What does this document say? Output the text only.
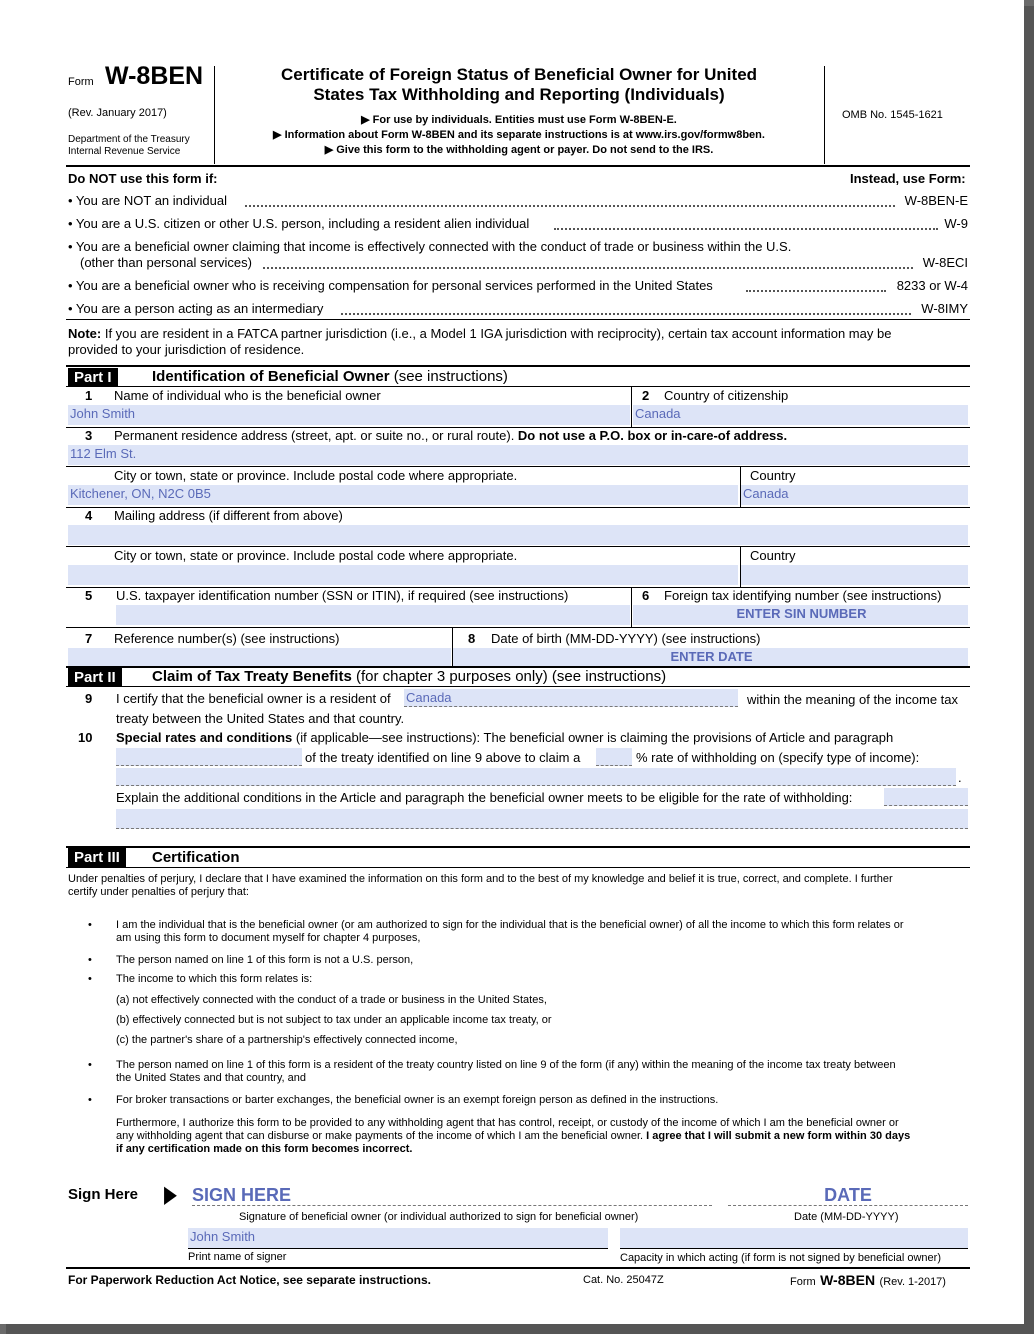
Form W-8BEN
(Rev. January 2017)
Department of the Treasury
Internal Revenue Service
Certificate of Foreign Status of Beneficial Owner for United
States Tax Withholding and Reporting (Individuals)
▶ For use by individuals. Entities must use Form W-8BEN-E.
▶ Information about Form W-8BEN and its separate instructions is at www.irs.gov/formw8ben.
▶ Give this form to the withholding agent or payer. Do not send to the IRS.
OMB No. 1545-1621
Do NOT use this form if:	Instead, use Form:
• You are NOT an individual	W-8BEN-E
• You are a U.S. citizen or other U.S. person, including a resident alien individual	W-9
• You are a beneficial owner claiming that income is effectively connected with the conduct of trade or business within the U.S.
(other than personal services)	W-8ECI
• You are a beneficial owner who is receiving compensation for personal services performed in the United States	8233 or W-4
• You are a person acting as an intermediary	W-8IMY
Note: If you are resident in a FATCA partner jurisdiction (i.e., a Model 1 IGA jurisdiction with reciprocity), certain tax account information may be
provided to your jurisdiction of residence.
Part I	Identification of Beneficial Owner (see instructions)
1 Name of individual who is the beneficial owner
John Smith
2 Country of citizenship
Canada
3 Permanent residence address (street, apt. or suite no., or rural route). Do not use a P.O. box or in-care-of address.
112 Elm St.
City or town, state or province. Include postal code where appropriate.
Kitchener, ON, N2C 0B5
Country
Canada
4 Mailing address (if different from above)
City or town, state or province. Include postal code where appropriate.	Country
5 U.S. taxpayer identification number (SSN or ITIN), if required (see instructions)	6 Foreign tax identifying number (see instructions)
ENTER SIN NUMBER
7 Reference number(s) (see instructions)	8 Date of birth (MM-DD-YYYY) (see instructions)
ENTER DATE
Part II	Claim of Tax Treaty Benefits (for chapter 3 purposes only) (see instructions)
9 I certify that the beneficial owner is a resident of Canada	within the meaning of the income tax
treaty between the United States and that country.
10 Special rates and conditions (if applicable—see instructions): The beneficial owner is claiming the provisions of Article and paragraph
of the treaty identified on line 9 above to claim a	% rate of withholding on (specify type of income):
.
Explain the additional conditions in the Article and paragraph the beneficial owner meets to be eligible for the rate of withholding:
Part III	Certification
Under penalties of perjury, I declare that I have examined the information on this form and to the best of my knowledge and belief it is true, correct, and complete. I further
certify under penalties of perjury that:
• I am the individual that is the beneficial owner (or am authorized to sign for the individual that is the beneficial owner) of all the income to which this form relates or
am using this form to document myself for chapter 4 purposes,
• The person named on line 1 of this form is not a U.S. person,
• The income to which this form relates is:
(a) not effectively connected with the conduct of a trade or business in the United States,
(b) effectively connected but is not subject to tax under an applicable income tax treaty, or
(c) the partner's share of a partnership's effectively connected income,
• The person named on line 1 of this form is a resident of the treaty country listed on line 9 of the form (if any) within the meaning of the income tax treaty between
the United States and that country, and
• For broker transactions or barter exchanges, the beneficial owner is an exempt foreign person as defined in the instructions.
Furthermore, I authorize this form to be provided to any withholding agent that has control, receipt, or custody of the income of which I am the beneficial owner or
any withholding agent that can disburse or make payments of the income of which I am the beneficial owner. I agree that I will submit a new form within 30 days
if any certification made on this form becomes incorrect.
Sign Here ▶ SIGN HERE	DATE
Signature of beneficial owner (or individual authorized to sign for beneficial owner)	Date (MM-DD-YYYY)
John Smith
Print name of signer	Capacity in which acting (if form is not signed by beneficial owner)
For Paperwork Reduction Act Notice, see separate instructions.	Cat. No. 25047Z	Form W-8BEN (Rev. 1-2017)
